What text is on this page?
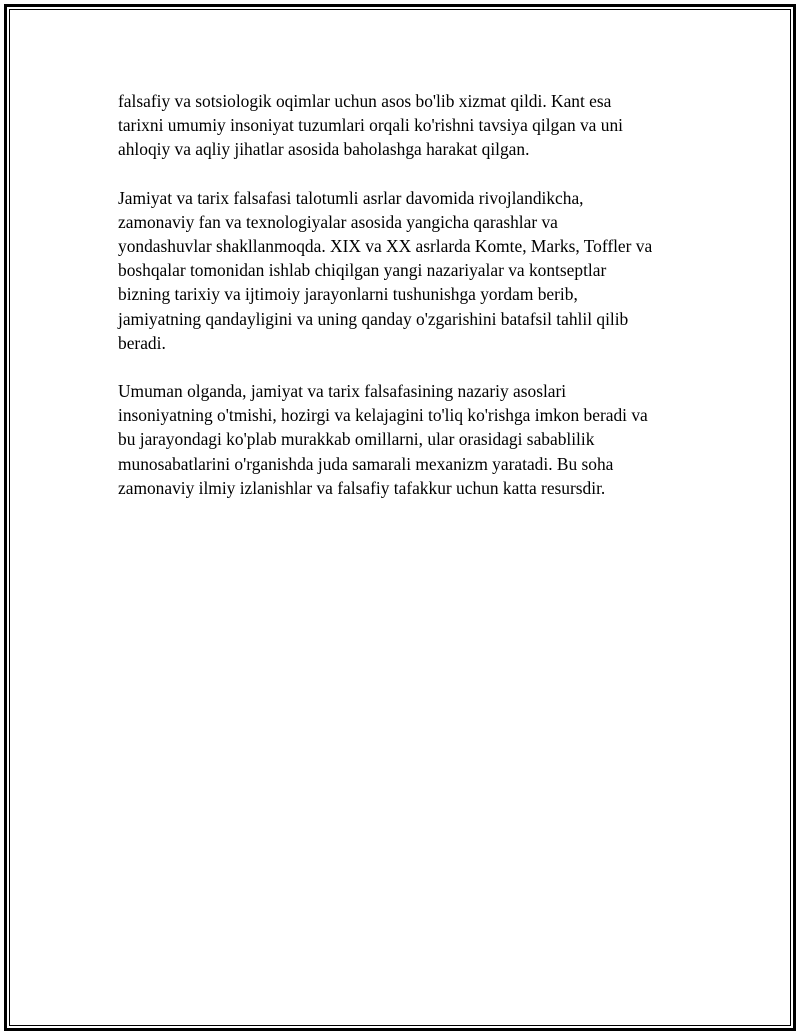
falsafiy va sotsiologik oqimlar uchun asos bo'lib xizmat qildi. Kant esa
tarixni umumiy insoniyat tuzumlari orqali ko'rishni tavsiya qilgan va uni
ahloqiy va aqliy jihatlar asosida baholashga harakat qilgan.

Jamiyat va tarix falsafasi talotumli asrlar davomida rivojlandikcha,
zamonaviy fan va texnologiyalar asosida yangicha qarashlar va
yondashuvlar shakllanmoqda. XIX va XX asrlarda Komte, Marks, Toffler va
boshqalar tomonidan ishlab chiqilgan yangi nazariyalar va kontseptlar
bizning tarixiy va ijtimoiy jarayonlarni tushunishga yordam berib,
jamiyatning qandayligini va uning qanday o'zgarishini batafsil tahlil qilib
beradi.

Umuman olganda, jamiyat va tarix falsafasining nazariy asoslari
insoniyatning o'tmishi, hozirgi va kelajagini to'liq ko'rishga imkon beradi va
bu jarayondagi ko'plab murakkab omillarni, ular orasidagi sabablilik
munosabatlarini o'rganishda juda samarali mexanizm yaratadi. Bu soha
zamonaviy ilmiy izlanishlar va falsafiy tafakkur uchun katta resursdir.
